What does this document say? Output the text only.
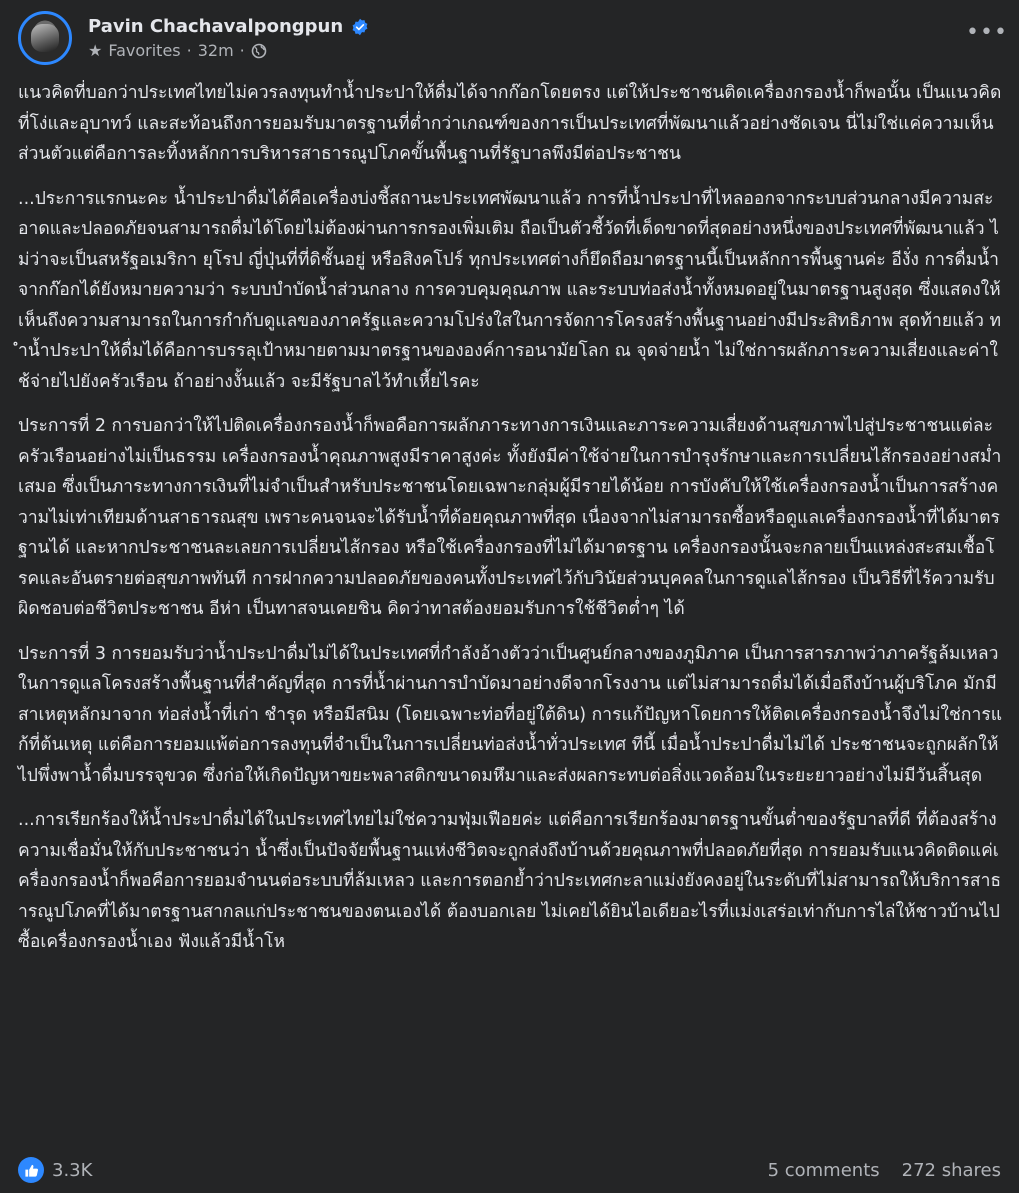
Pavin Chachavalpongpun
★ Favorites · 32m ·
•••

แนวคิดที่บอกว่าประเทศไทยไม่ควรลงทุนทำน้ำประปาให้ดื่มได้จากก๊อกโดยตรง แต่ให้ประชาชนติดเครื่องกรองน้ำก็พอนั้น เป็นแนวคิดที่โง่และอุบาทว์ และสะท้อนถึงการยอมรับมาตรฐานที่ต่ำกว่าเกณฑ์ของการเป็นประเทศที่พัฒนาแล้วอย่างชัดเจน นี่ไม่ใช่แค่ความเห็นส่วนตัวแต่คือการละทิ้งหลักการบริหารสาธารณูปโภคขั้นพื้นฐานที่รัฐบาลพึงมีต่อประชาชน

...ประการแรกนะคะ น้ำประปาดื่มได้คือเครื่องบ่งชี้สถานะประเทศพัฒนาแล้ว การที่น้ำประปาที่ไหลออกจากระบบส่วนกลางมีความสะอาดและปลอดภัยจนสามารถดื่มได้โดยไม่ต้องผ่านการกรองเพิ่มเติม ถือเป็นตัวชี้วัดที่เด็ดขาดที่สุดอย่างหนึ่งของประเทศที่พัฒนาแล้ว ไม่ว่าจะเป็นสหรัฐอเมริกา ยุโรป ญี่ปุ่นที่ที่ดิชั้นอยู่ หรือสิงคโปร์ ทุกประเทศต่างก็ยึดถือมาตรฐานนี้เป็นหลักการพื้นฐานค่ะ อีงั่ง การดื่มน้ำจากก๊อกได้ยังหมายความว่า ระบบบำบัดน้ำส่วนกลาง การควบคุมคุณภาพ และระบบท่อส่งน้ำทั้งหมดอยู่ในมาตรฐานสูงสุด ซึ่งแสดงให้เห็นถึงความสามารถในการกำกับดูแลของภาครัฐและความโปร่งใสในการจัดการโครงสร้างพื้นฐานอย่างมีประสิทธิภาพ สุดท้ายแล้ว ทำน้ำประปาให้ดื่มได้คือการบรรลุเป้าหมายตามมาตรฐานขององค์การอนามัยโลก ณ จุดจ่ายน้ำ ไม่ใช่การผลักภาระความเสี่ยงและค่าใช้จ่ายไปยังครัวเรือน ถ้าอย่างงั้นแล้ว จะมีรัฐบาลไว้ทำเหี้ยไรคะ

ประการที่ 2 การบอกว่าให้ไปติดเครื่องกรองน้ำก็พอคือการผลักภาระทางการเงินและภาระความเสี่ยงด้านสุขภาพไปสู่ประชาชนแต่ละครัวเรือนอย่างไม่เป็นธรรม เครื่องกรองน้ำคุณภาพสูงมีราคาสูงค่ะ ทั้งยังมีค่าใช้จ่ายในการบำรุงรักษาและการเปลี่ยนไส้กรองอย่างสม่ำเสมอ ซึ่งเป็นภาระทางการเงินที่ไม่จำเป็นสำหรับประชาชนโดยเฉพาะกลุ่มผู้มีรายได้น้อย การบังคับให้ใช้เครื่องกรองน้ำเป็นการสร้างความไม่เท่าเทียมด้านสาธารณสุข เพราะคนจนจะได้รับน้ำที่ด้อยคุณภาพที่สุด เนื่องจากไม่สามารถซื้อหรือดูแลเครื่องกรองน้ำที่ได้มาตรฐานได้ และหากประชาชนละเลยการเปลี่ยนไส้กรอง หรือใช้เครื่องกรองที่ไม่ได้มาตรฐาน เครื่องกรองนั้นจะกลายเป็นแหล่งสะสมเชื้อโรคและอันตรายต่อสุขภาพทันที การฝากความปลอดภัยของคนทั้งประเทศไว้กับวินัยส่วนบุคคลในการดูแลไส้กรอง เป็นวิธีที่ไร้ความรับผิดชอบต่อชีวิตประชาชน อีห่า เป็นทาสจนเคยชิน คิดว่าทาสต้องยอมรับการใช้ชีวิตต่ำๆ ได้

ประการที่ 3 การยอมรับว่าน้ำประปาดื่มไม่ได้ในประเทศที่กำลังอ้างตัวว่าเป็นศูนย์กลางของภูมิภาค เป็นการสารภาพว่าภาครัฐล้มเหลวในการดูแลโครงสร้างพื้นฐานที่สำคัญที่สุด การที่น้ำผ่านการบำบัดมาอย่างดีจากโรงงาน แต่ไม่สามารถดื่มได้เมื่อถึงบ้านผู้บริโภค มักมีสาเหตุหลักมาจาก ท่อส่งน้ำที่เก่า ชำรุด หรือมีสนิม (โดยเฉพาะท่อที่อยู่ใต้ดิน) การแก้ปัญหาโดยการให้ติดเครื่องกรองน้ำจึงไม่ใช่การแก้ที่ต้นเหตุ แต่คือการยอมแพ้ต่อการลงทุนที่จำเป็นในการเปลี่ยนท่อส่งน้ำทั่วประเทศ ทีนี้ เมื่อน้ำประปาดื่มไม่ได้ ประชาชนจะถูกผลักให้ไปพึ่งพาน้ำดื่มบรรจุขวด ซึ่งก่อให้เกิดปัญหาขยะพลาสติกขนาดมหึมาและส่งผลกระทบต่อสิ่งแวดล้อมในระยะยาวอย่างไม่มีวันสิ้นสุด

...การเรียกร้องให้น้ำประปาดื่มได้ในประเทศไทยไม่ใช่ความฟุ่มเฟือยค่ะ แต่คือการเรียกร้องมาตรฐานขั้นต่ำของรัฐบาลที่ดี ที่ต้องสร้างความเชื่อมั่นให้กับประชาชนว่า น้ำซึ่งเป็นปัจจัยพื้นฐานแห่งชีวิตจะถูกส่งถึงบ้านด้วยคุณภาพที่ปลอดภัยที่สุด การยอมรับแนวคิดติดแค่เครื่องกรองน้ำก็พอคือการยอมจำนนต่อระบบที่ล้มเหลว และการตอกย้ำว่าประเทศกะลาแม่งยังคงอยู่ในระดับที่ไม่สามารถให้บริการสาธารณูปโภคที่ได้มาตรฐานสากลแก่ประชาชนของตนเองได้ ต้องบอกเลย ไม่เคยได้ยินไอเดียอะไรที่แม่งเสร่อเท่ากับการไล่ให้ชาวบ้านไปซื้อเครื่องกรองน้ำเอง ฟังแล้วมีน้ำโห

3.3K	5 comments 272 shares
